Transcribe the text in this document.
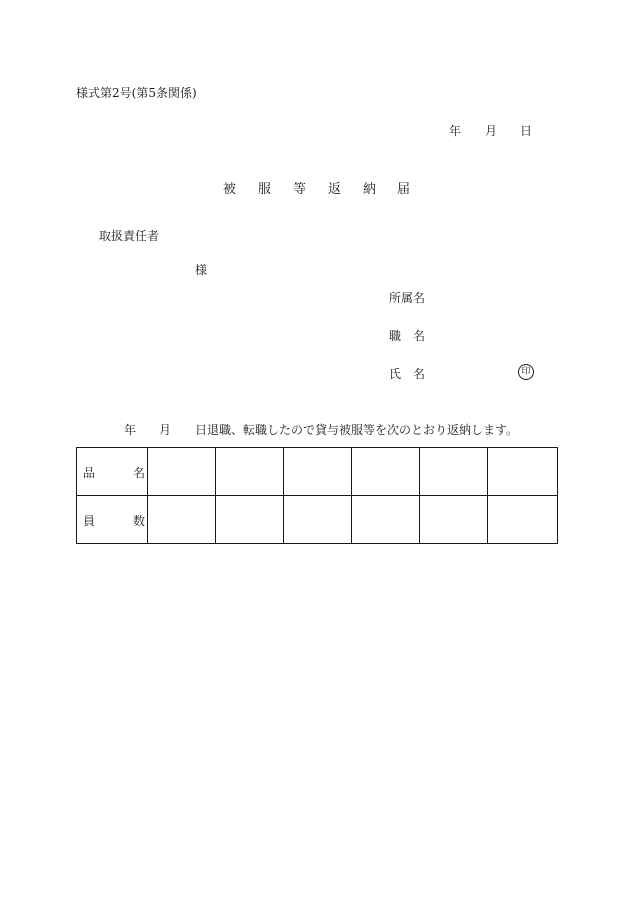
様式第2号(第5条関係)
年 月 日
被 服 等 返 納 届
取扱責任者
様
所属名
職 名
氏 名	印
年 月 日退職、転職したので貸与被服等を次のとおり返納します。
品 名						

員 数						
